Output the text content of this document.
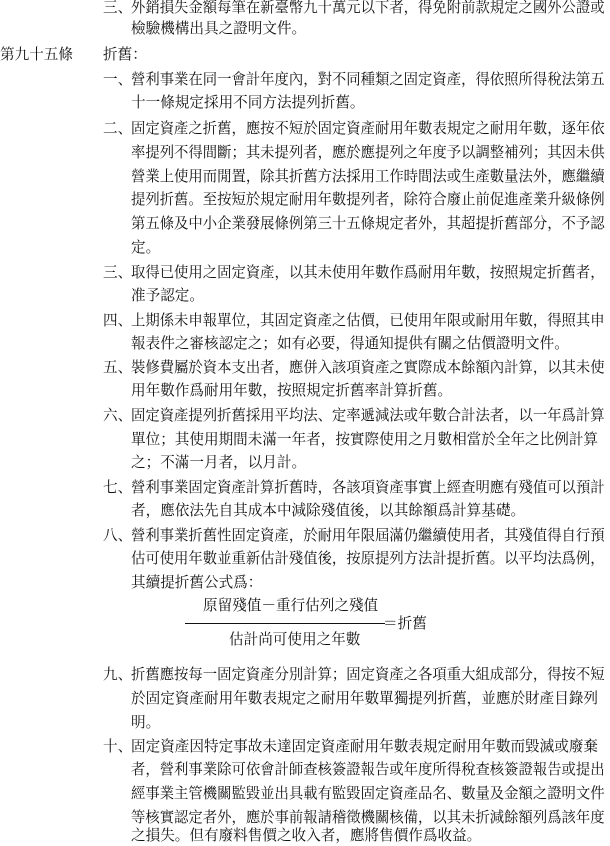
三、
外銷損失金額每筆在新臺幣九十萬元以下者，得免附前款規定之國外公證或
檢驗機構出具之證明文件。
第九十五條 折舊：
一、
營利事業在同一會計年度內，對不同種類之固定資產，得依照所得稅法第五
十一條規定採用不同方法提列折舊。
二、
固定資產之折舊，應按不短於固定資產耐用年數表規定之耐用年數，逐年依
率提列不得間斷；其未提列者，應於應提列之年度予以調整補列；其因未供
營業上使用而閒置，除其折舊方法採用工作時間法或生產數量法外，應繼續
提列折舊。至按短於規定耐用年數提列者，除符合廢止前促進產業升級條例
第五條及中小企業發展條例第三十五條規定者外，其超提折舊部分，不予認
定。
三、
取得已使用之固定資產，以其未使用年數作爲耐用年數，按照規定折舊者，
准予認定。
四、
上期係未申報單位，其固定資產之估價，已使用年限或耐用年數，得照其申
報表件之審核認定之；如有必要，得通知提供有關之估價證明文件。
五、
裝修費屬於資本支出者，應併入該項資產之實際成本餘額內計算，以其未使
用年數作爲耐用年數，按照規定折舊率計算折舊。
六、
固定資產提列折舊採用平均法、定率遞減法或年數合計法者，以一年爲計算
單位；其使用期間未滿一年者，按實際使用之月數相當於全年之比例計算
之；不滿一月者，以月計。
七、
營利事業固定資產計算折舊時，各該項資產事實上經查明應有殘值可以預計
者，應依法先自其成本中減除殘值後，以其餘額爲計算基礎。
八、
營利事業折舊性固定資產，於耐用年限屆滿仍繼續使用者，其殘值得自行預
估可使用年數並重新估計殘值後，按原提列方法計提折舊。以平均法爲例，
其續提折舊公式爲：
原留殘值－重行估列之殘值
＝折舊
估計尚可使用之年數
九、
折舊應按每一固定資產分別計算；固定資產之各項重大組成部分，得按不短
於固定資產耐用年數表規定之耐用年數單獨提列折舊，並應於財產目錄列
明。
十、
固定資產因特定事故未達固定資產耐用年數表規定耐用年數而毀滅或廢棄
者，營利事業除可依會計師查核簽證報告或年度所得稅查核簽證報告或提出
經事業主管機關監毀並出具載有監毀固定資產品名、數量及金額之證明文件
等核實認定者外，應於事前報請稽徵機關核備，以其未折減餘額列爲該年度
之損失。但有廢料售價之收入者，應將售價作爲收益。
